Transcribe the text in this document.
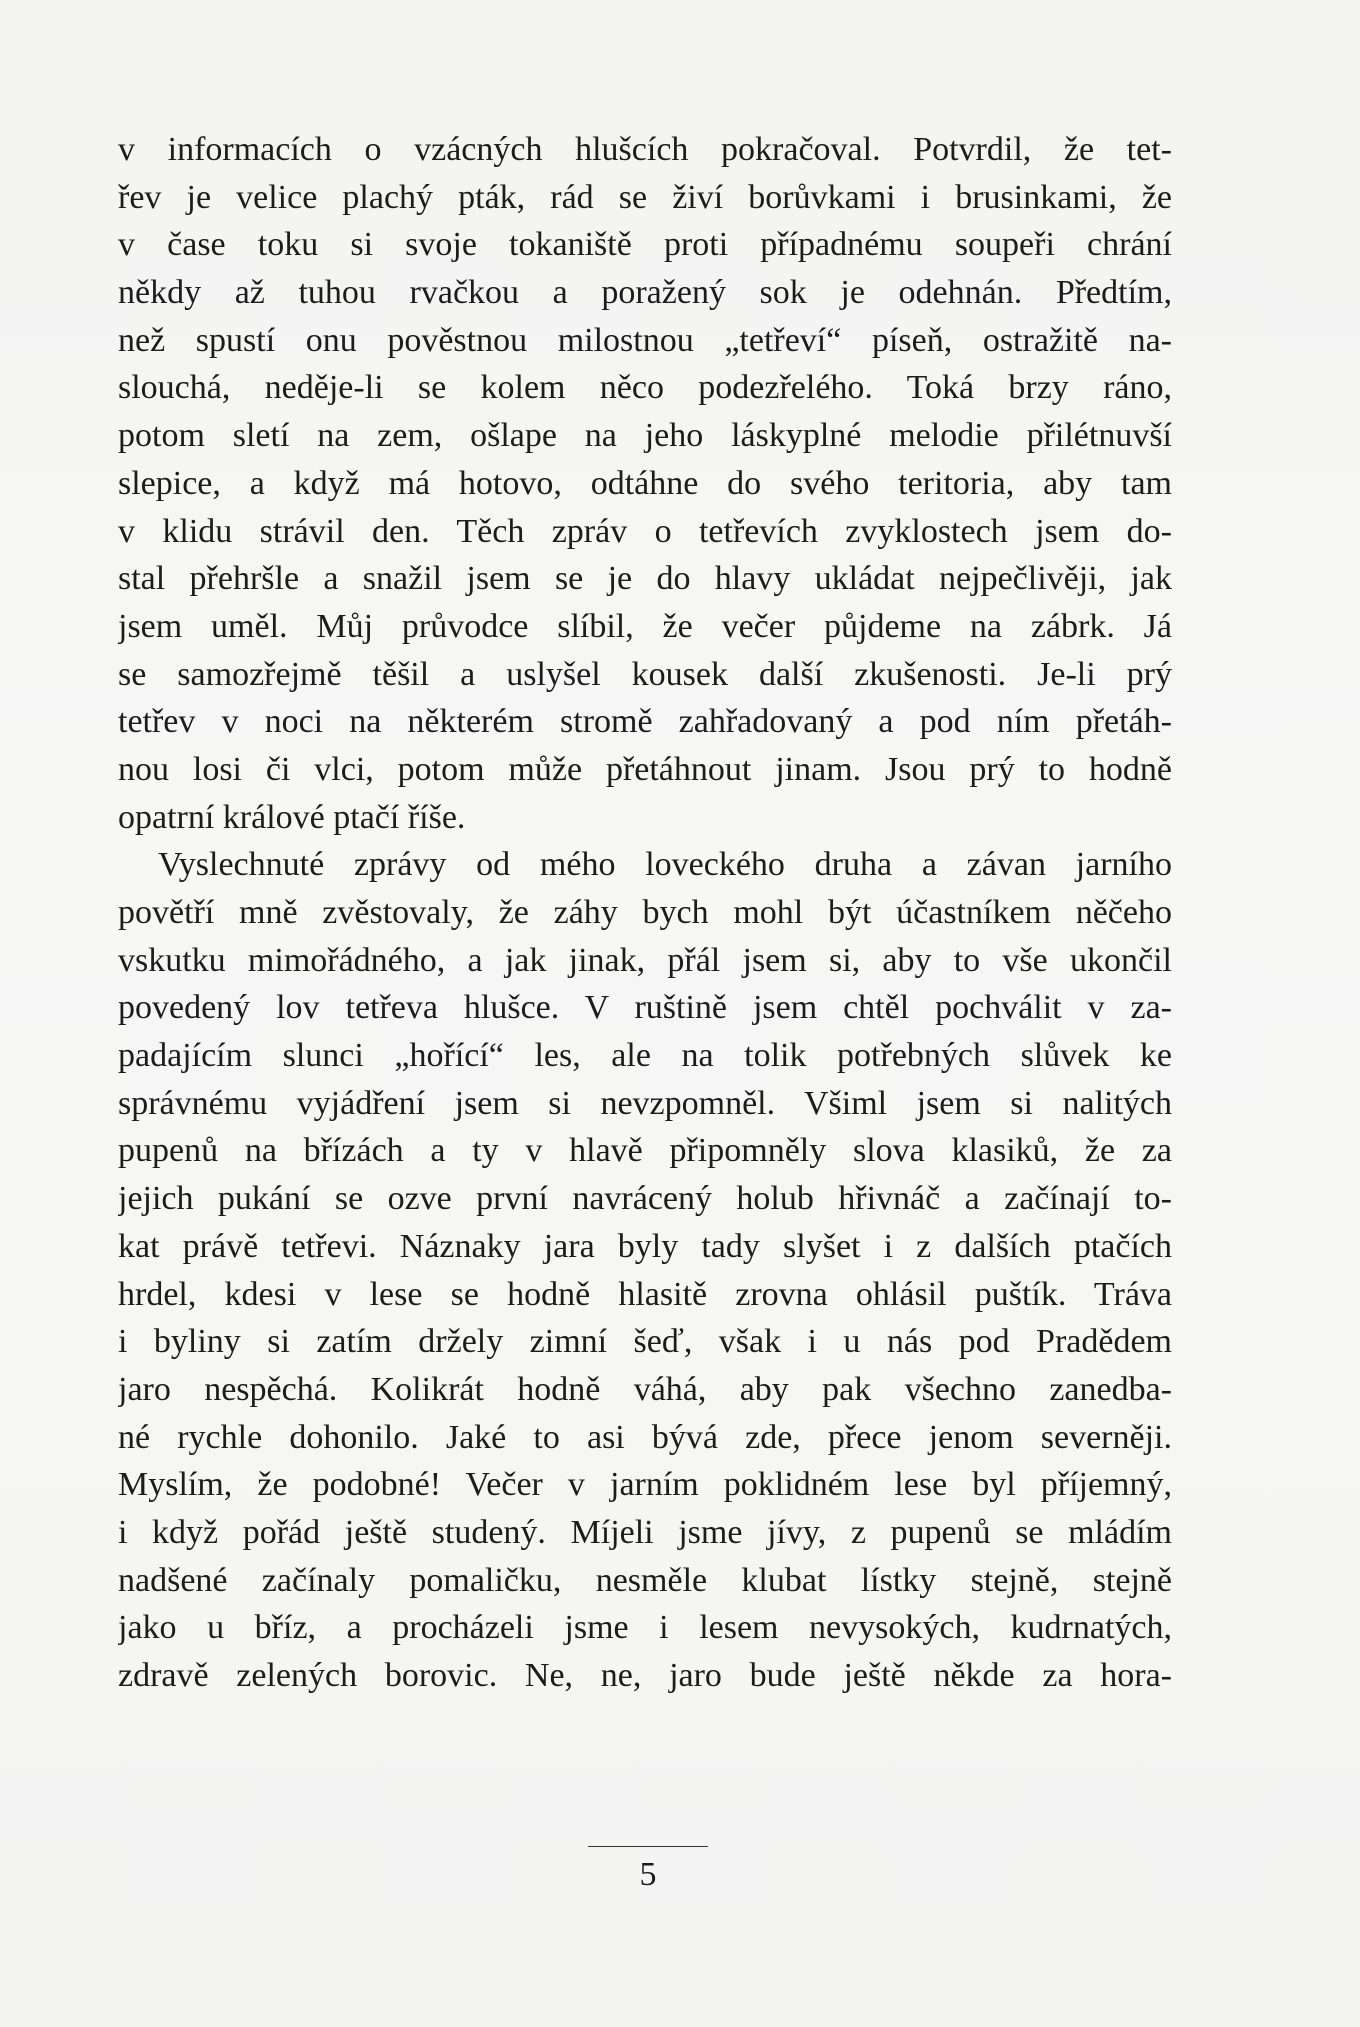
v informacích o vzácných hlušcích pokračoval. Potvrdil, že tet-
řev je velice plachý pták, rád se živí borůvkami i brusinkami, že
v čase toku si svoje tokaniště proti případnému soupeři chrání
někdy až tuhou rvačkou a poražený sok je odehnán. Předtím,
než spustí onu pověstnou milostnou „tetřeví“ píseň, ostražitě na-
slouchá, neděje-li se kolem něco podezřelého. Toká brzy ráno,
potom sletí na zem, ošlape na jeho láskyplné melodie přilétnuvší
slepice, a když má hotovo, odtáhne do svého teritoria, aby tam
v klidu strávil den. Těch zpráv o tetřevích zvyklostech jsem do-
stal přehršle a snažil jsem se je do hlavy ukládat nejpečlivěji, jak
jsem uměl. Můj průvodce slíbil, že večer půjdeme na zábrk. Já
se samozřejmě těšil a uslyšel kousek další zkušenosti. Je-li prý
tetřev v noci na některém stromě zahřadovaný a pod ním přetáh-
nou losi či vlci, potom může přetáhnout jinam. Jsou prý to hodně
opatrní králové ptačí říše.
Vyslechnuté zprávy od mého loveckého druha a závan jarního
povětří mně zvěstovaly, že záhy bych mohl být účastníkem něčeho
vskutku mimořádného, a jak jinak, přál jsem si, aby to vše ukončil
povedený lov tetřeva hlušce. V ruštině jsem chtěl pochválit v za-
padajícím slunci „hořící“ les, ale na tolik potřebných slůvek ke
správnému vyjádření jsem si nevzpomněl. Všiml jsem si nalitých
pupenů na břízách a ty v hlavě připomněly slova klasiků, že za
jejich pukání se ozve první navrácený holub hřivnáč a začínají to-
kat právě tetřevi. Náznaky jara byly tady slyšet i z dalších ptačích
hrdel, kdesi v lese se hodně hlasitě zrovna ohlásil puštík. Tráva
i byliny si zatím držely zimní šeď, však i u nás pod Pradědem
jaro nespěchá. Kolikrát hodně váhá, aby pak všechno zanedba-
né rychle dohonilo. Jaké to asi bývá zde, přece jenom severněji.
Myslím, že podobné! Večer v jarním poklidném lese byl příjemný,
i když pořád ještě studený. Míjeli jsme jívy, z pupenů se mládím
nadšené začínaly pomaličku, nesměle klubat lístky stejně, stejně
jako u bříz, a procházeli jsme i lesem nevysokých, kudrnatých,
zdravě zelených borovic. Ne, ne, jaro bude ještě někde za hora-
5
